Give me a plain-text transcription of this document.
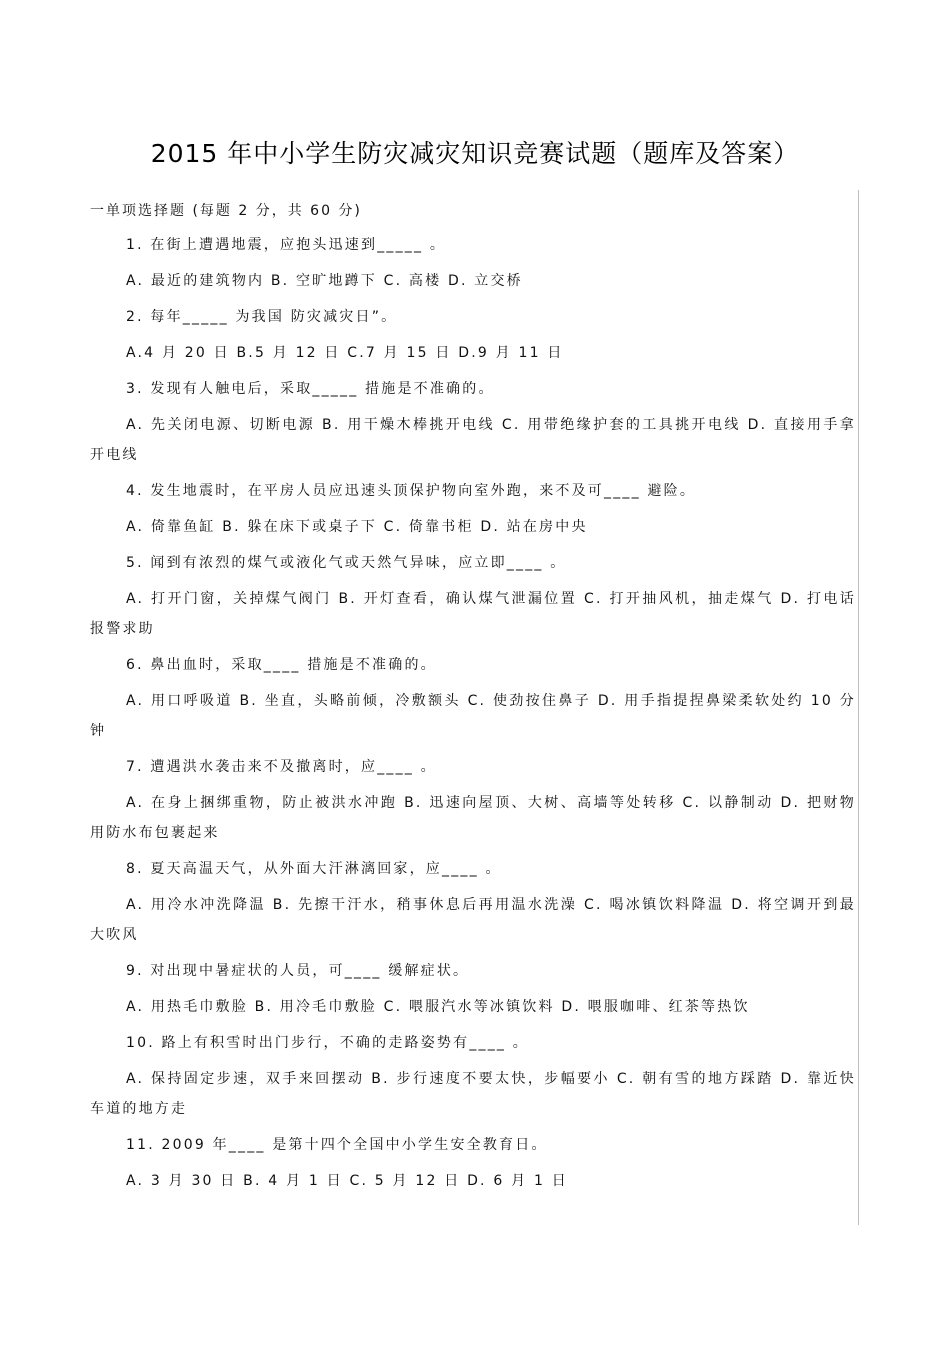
2015 年中小学生防灾减灾知识竞赛试题（题库及答案）
一单项选择题 (每题 2 分，共 60 分)

1. 在街上遭遇地震，应抱头迅速到_____ 。

A. 最近的建筑物内 B. 空旷地蹲下 C. 高楼 D. 立交桥

2. 每年_____ 为我国 防灾减灾日”。

A.4 月 20 日 B.5 月 12 日 C.7 月 15 日 D.9 月 11 日

3. 发现有人触电后，采取_____ 措施是不准确的。

A. 先关闭电源、切断电源 B. 用干燥木棒挑开电线 C. 用带绝缘护套的工具挑开电线 D. 直接用手拿开电线

4. 发生地震时，在平房人员应迅速头顶保护物向室外跑，来不及可____ 避险。

A. 倚靠鱼缸 B. 躲在床下或桌子下 C. 倚靠书柜 D. 站在房中央

5. 闻到有浓烈的煤气或液化气或天然气异味，应立即____ 。

A. 打开门窗，关掉煤气阀门 B. 开灯查看，确认煤气泄漏位置 C. 打开抽风机，抽走煤气 D. 打电话报警求助

6. 鼻出血时，采取____ 措施是不准确的。

A. 用口呼吸道 B. 坐直，头略前倾，冷敷额头 C. 使劲按住鼻子 D. 用手指提捏鼻梁柔软处约 10 分钟

7. 遭遇洪水袭击来不及撤离时，应____ 。

A. 在身上捆绑重物，防止被洪水冲跑 B. 迅速向屋顶、大树、高墙等处转移 C. 以静制动 D. 把财物用防水布包裹起来

8. 夏天高温天气，从外面大汗淋漓回家，应____ 。

A. 用冷水冲洗降温 B. 先擦干汗水，稍事休息后再用温水洗澡 C. 喝冰镇饮料降温 D. 将空调开到最大吹风

9. 对出现中暑症状的人员，可____ 缓解症状。

A. 用热毛巾敷脸 B. 用冷毛巾敷脸 C. 喂服汽水等冰镇饮料 D. 喂服咖啡、红茶等热饮

10. 路上有积雪时出门步行，不确的走路姿势有____ 。

A. 保持固定步速，双手来回摆动 B. 步行速度不要太快，步幅要小 C. 朝有雪的地方踩踏 D. 靠近快车道的地方走

11. 2009 年____ 是第十四个全国中小学生安全教育日。

A. 3 月 30 日 B. 4 月 1 日 C. 5 月 12 日 D. 6 月 1 日
